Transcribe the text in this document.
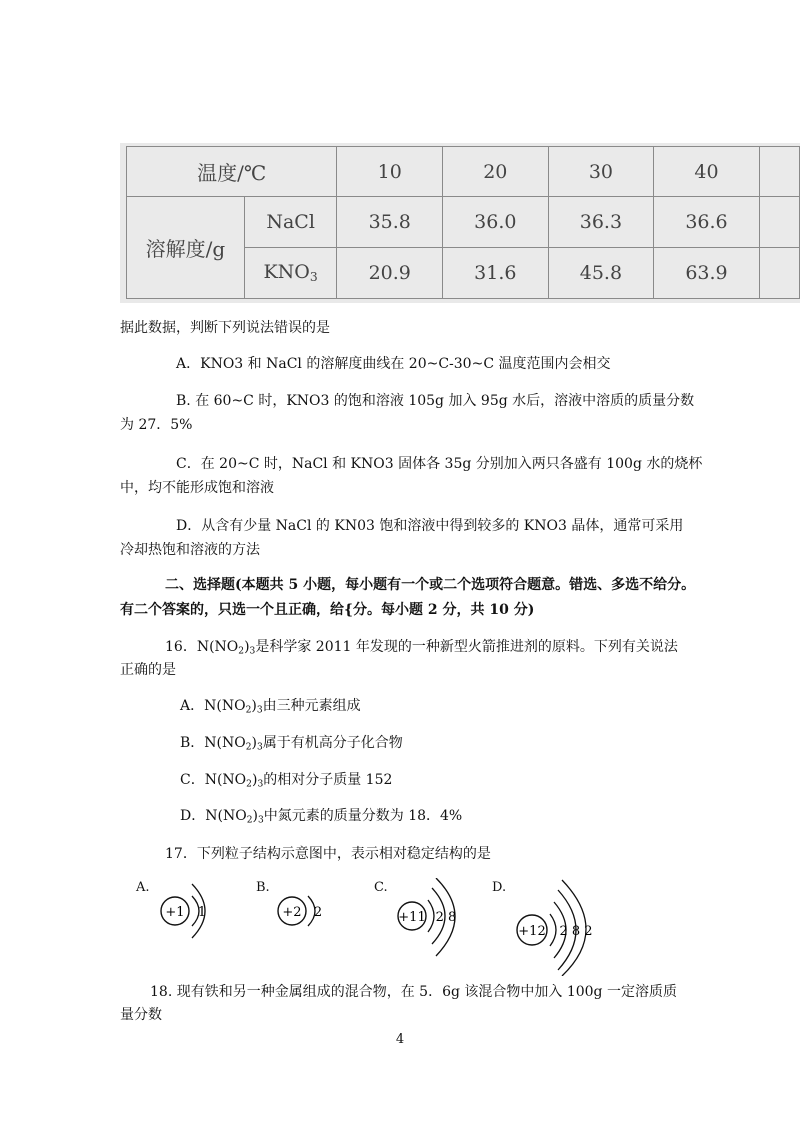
温度/℃		10	20	30	40	
溶解度/g	NaCl	35.8	36.0	36.3	36.6	
	$KNO_3$	20.9	31.6	45.8	63.9	
据此数据，判断下列说法错误的是
A．KNO3 和 NaCl 的溶解度曲线在 20~C-30~C 温度范围内会相交
B. 在 60~C 时，KNO3 的饱和溶液 105g 加入 95g 水后，溶液中溶质的质量分数
为 27．5%
C．在 20~C 时，NaCl 和 KNO3 固体各 35g 分别加入两只各盛有 100g 水的烧杯
中，均不能形成饱和溶液
D．从含有少量 NaCl 的 KN03 饱和溶液中得到较多的 KNO3 晶体，通常可采用
冷却热饱和溶液的方法
二、选择题(本题共 5 小题，每小题有一个或二个选项符合题意。错选、多选不给分。
有二个答案的，只选一个且正确，给{分。每小题 2 分，共 10 分)
16．$N(NO_2)_3$是科学家 2011 年发现的一种新型火箭推进剂的原料。下列有关说法
正确的是
A．$N(NO_2)_3$由三种元素组成
B．$N(NO_2)_3$属于有机高分子化合物
C．$N(NO_2)_3$的相对分子质量 152
D．$N(NO_2)_3$中氮元素的质量分数为 18．4%
17．下列粒子结构示意图中，表示相对稳定结构的是
A.
+1 1
B.
+2 2
C.
+11 2 8
D.
+12 2 8 2
18. 现有铁和另一种金属组成的混合物，在 5．6g 该混合物中加入 100g 一定溶质质
量分数
4
